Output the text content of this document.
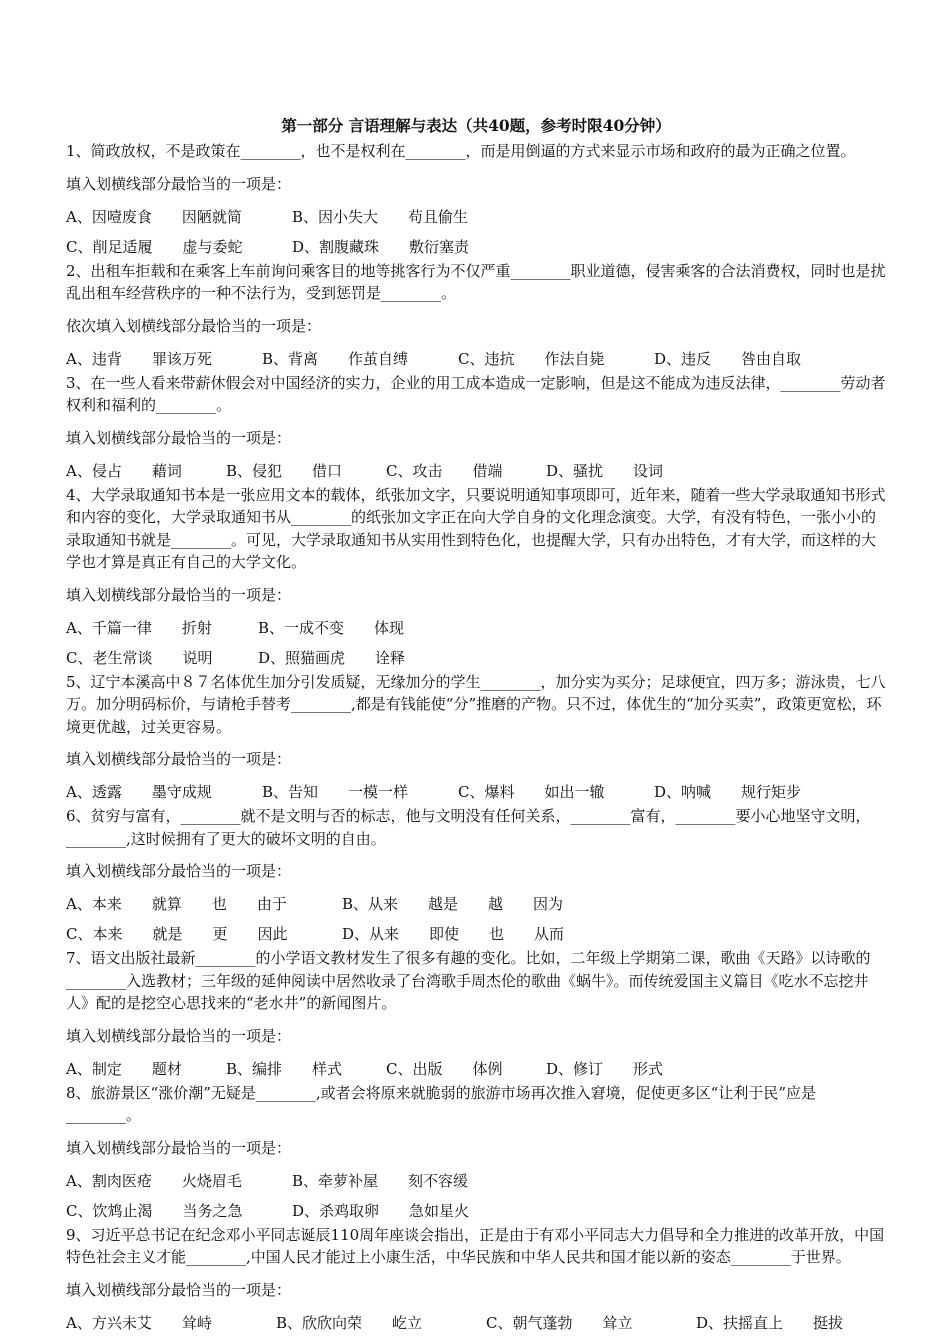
第一部分 言语理解与表达（共40题，参考时限40分钟）
1、简政放权，不是政策在________，也不是权利在________，而是用倒逼的方式来显示市场和政府的最为正确之位置。
填入划横线部分最恰当的一项是：
A、因噎废食　　因陋就简	B、因小失大　　苟且偷生
C、削足适履　　虚与委蛇	D、割腹藏珠　　敷衍塞责
2、出租车拒载和在乘客上车前询问乘客目的地等挑客行为不仅严重________职业道德，侵害乘客的合法消费权，同时也是扰乱出租车经营秩序的一种不法行为，受到惩罚是________。
依次填入划横线部分最恰当的一项是：
A、违背　　罪该万死	B、背离　　作茧自缚	C、违抗　　作法自毙	D、违反　　咎由自取
3、在一些人看来带薪休假会对中国经济的实力，企业的用工成本造成一定影响，但是这不能成为违反法律，________劳动者权利和福利的________。
填入划横线部分最恰当的一项是：
A、侵占　　藉词	B、侵犯　　借口	C、攻击　　借端	D、骚扰　　设词
4、大学录取通知书本是一张应用文本的载体，纸张加文字，只要说明通知事项即可，近年来，随着一些大学录取通知书形式和内容的变化，大学录取通知书从________的纸张加文字正在向大学自身的文化理念演变。大学，有没有特色，一张小小的录取通知书就是________。可见，大学录取通知书从实用性到特色化，也提醒大学，只有办出特色，才有大学，而这样的大学也才算是真正有自己的大学文化。
填入划横线部分最恰当的一项是：
A、千篇一律　　折射	B、一成不变　　体现
C、老生常谈　　说明	D、照猫画虎　　诠释
5、辽宁本溪高中８７名体优生加分引发质疑，无缘加分的学生________，加分实为买分；足球便宜，四万多；游泳贵，七八万。加分明码标价，与请枪手替考________,都是有钱能使“分”推磨的产物。只不过，体优生的“加分买卖”，政策更宽松，环境更优越，过关更容易。
填入划横线部分最恰当的一项是：
A、透露　　墨守成规	B、告知　　一模一样	C、爆料　　如出一辙	D、呐喊　　规行矩步
6、贫穷与富有，________就不是文明与否的标志，他与文明没有任何关系，________富有，________要小心地坚守文明，________,这时候拥有了更大的破坏文明的自由。
填入划横线部分最恰当的一项是：
A、本来　　就算　　也　　由于	B、从来　　越是　　越　　因为
C、本来　　就是　　更　　因此	D、从来　　即使　　也　　从而
7、语文出版社最新________的小学语文教材发生了很多有趣的变化。比如，二年级上学期第二课，歌曲《天路》以诗歌的________入选教材；三年级的延伸阅读中居然收录了台湾歌手周杰伦的歌曲《蜗牛》。而传统爱国主义篇目《吃水不忘挖井人》配的是挖空心思找来的“老水井”的新闻图片。
填入划横线部分最恰当的一项是：
A、制定　　题材	B、编排　　样式	C、出版　　体例	D、修订　　形式
8、旅游景区“涨价潮”无疑是________,或者会将原来就脆弱的旅游市场再次推入窘境，促使更多区“让利于民”应是________。
填入划横线部分最恰当的一项是：
A、割肉医疮　　火烧眉毛	B、牵萝补屋　　刻不容缓
C、饮鸩止渴　　当务之急	D、杀鸡取卵　　急如星火
9、习近平总书记在纪念邓小平同志诞辰110周年座谈会指出，正是由于有邓小平同志大力倡导和全力推进的改革开放，中国特色社会主义才能________,中国人民才能过上小康生活，中华民族和中华人民共和国才能以新的姿态________于世界。
填入划横线部分最恰当的一项是：
A、方兴未艾　　耸峙	B、欣欣向荣　　屹立	C、朝气蓬勃　　耸立	D、扶摇直上　　挺拔
